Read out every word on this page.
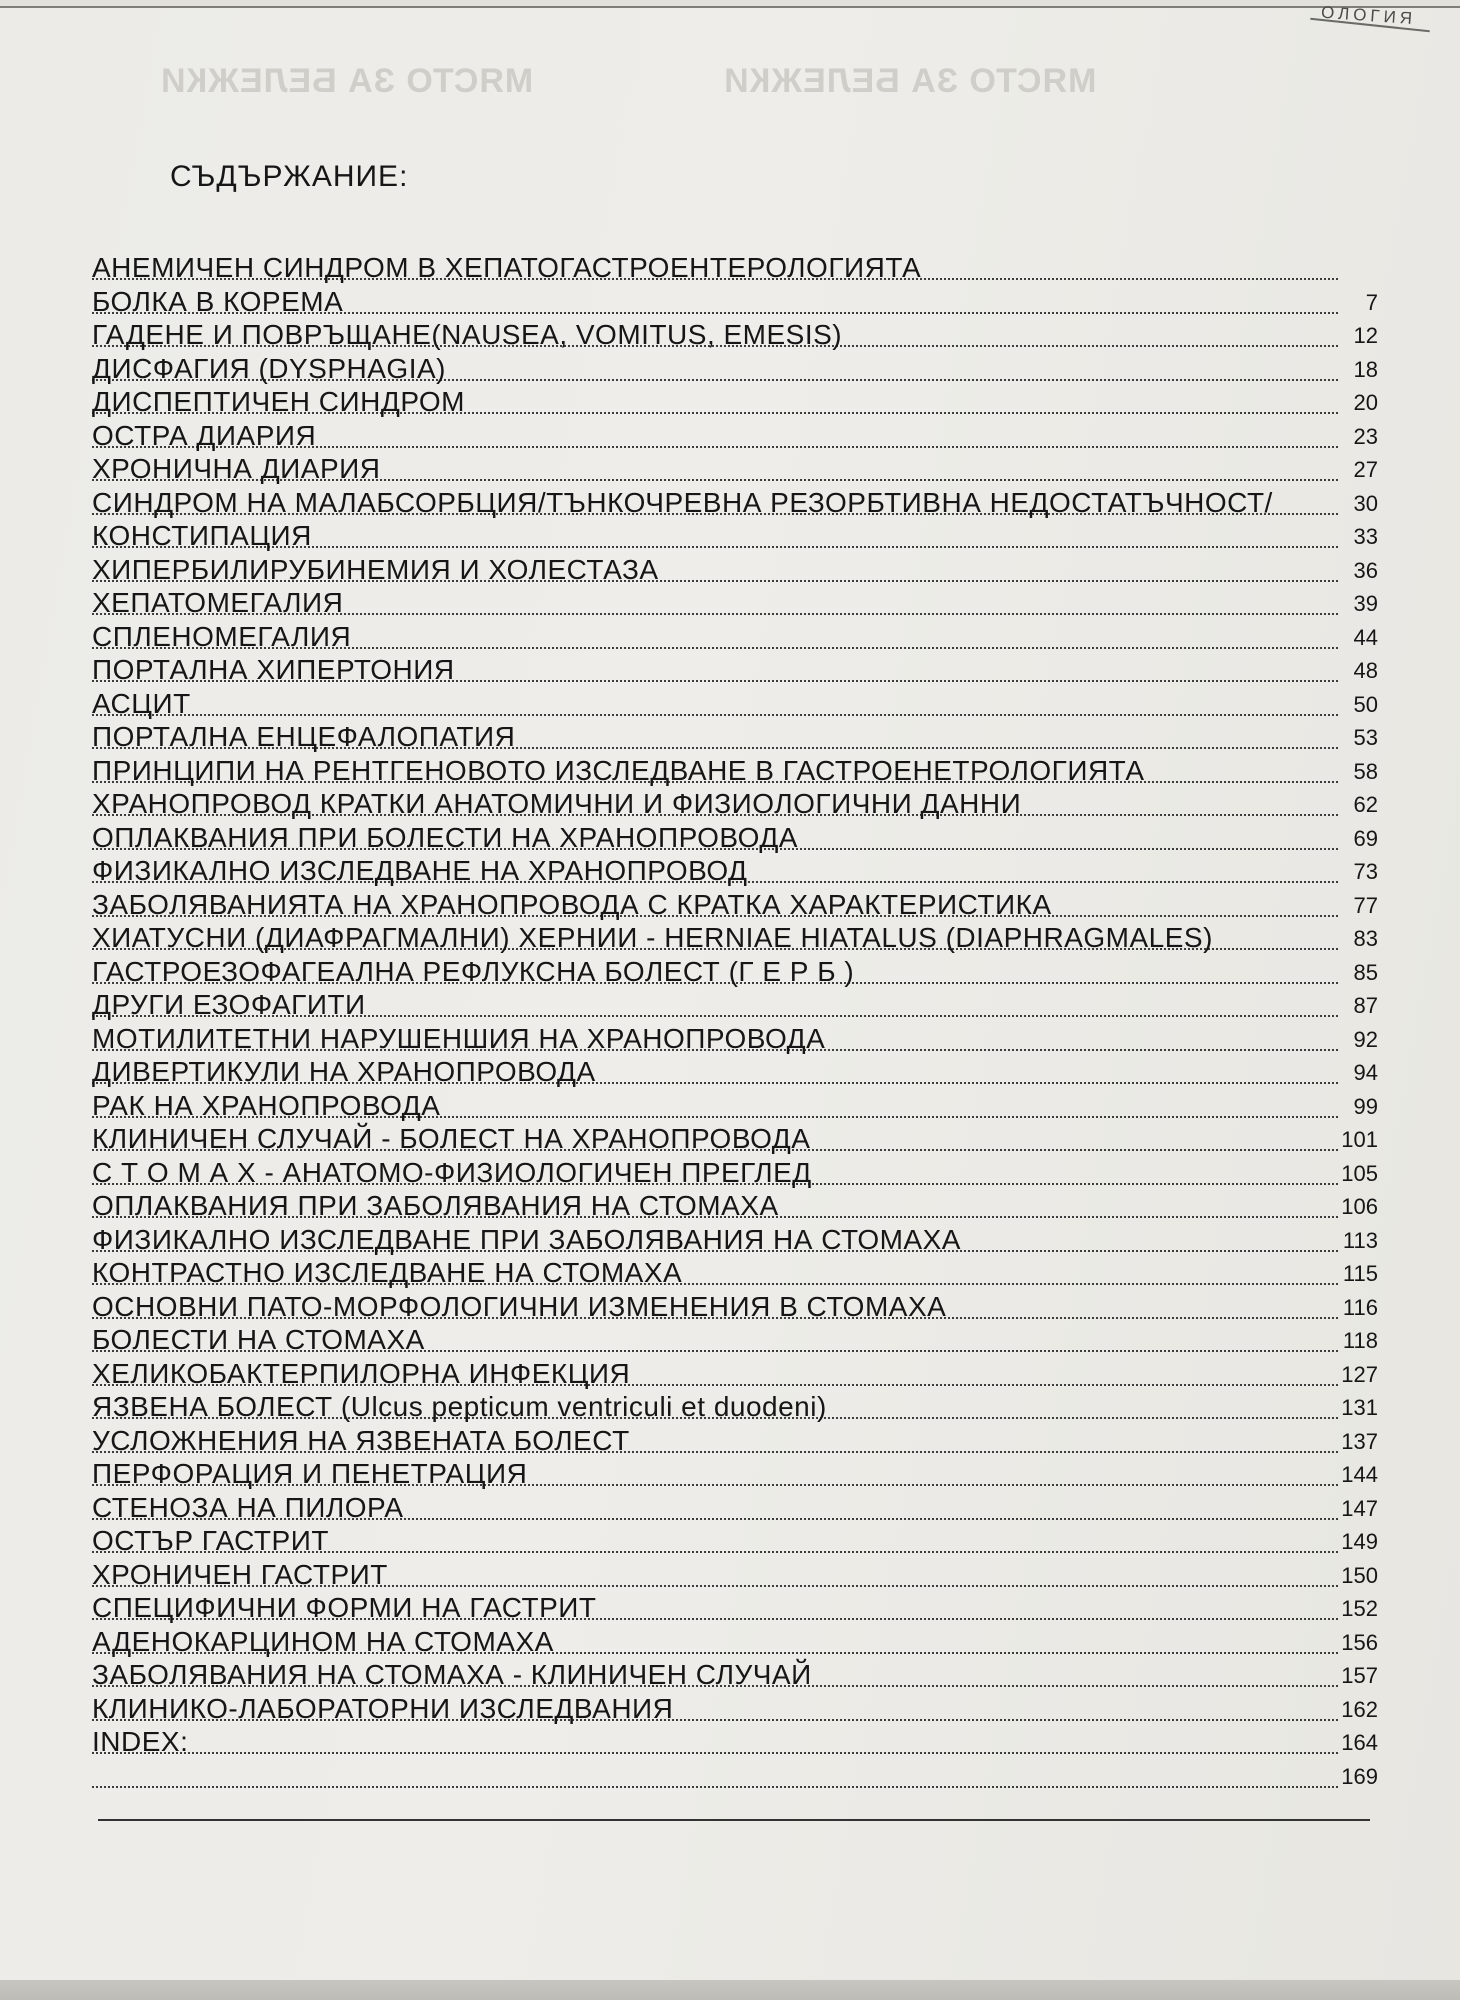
ОЛОГИЯ
МЯСТО ЗА БЕЛЕЖКИМЯСТО ЗА БЕЛЕЖКИ
СЪДЪРЖАНИЕ:
АНЕМИЧЕН СИНДРОМ В ХЕПАТОГАСТРОЕНТЕРОЛОГИЯТА
БОЛКА В КОРЕМА	7
ГАДЕНЕ И ПОВРЪЩАНЕ(NAUSEA, VOMITUS, EMESIS)	12
ДИСФАГИЯ (DYSPHAGIA)	18
ДИСПЕПТИЧЕН СИНДРОМ	20
ОСТРА ДИАРИЯ	23
ХРОНИЧНА ДИАРИЯ	27
СИНДРОМ НА МАЛАБСОРБЦИЯ/ТЪНКОЧРЕВНА РЕЗОРБТИВНА НЕДОСТАТЪЧНОСТ/	30
КОНСТИПАЦИЯ	33
ХИПЕРБИЛИРУБИНЕМИЯ И ХОЛЕСТАЗА	36
ХЕПАТОМЕГАЛИЯ	39
СПЛЕНОМЕГАЛИЯ	44
ПОРТАЛНА ХИПЕРТОНИЯ	48
АСЦИТ	50
ПОРТАЛНА ЕНЦЕФАЛОПАТИЯ	53
ПРИНЦИПИ НА РЕНТГЕНОВОТО ИЗСЛЕДВАНЕ В ГАСТРОЕНЕТРОЛОГИЯТА	58
ХРАНОПРОВОД КРАТКИ АНАТОМИЧНИ И ФИЗИОЛОГИЧНИ ДАННИ	62
ОПЛАКВАНИЯ ПРИ БОЛЕСТИ НА ХРАНОПРОВОДА	69
ФИЗИКАЛНО ИЗСЛЕДВАНЕ НА ХРАНОПРОВОД	73
ЗАБОЛЯВАНИЯТА НА ХРАНОПРОВОДА С КРАТКА ХАРАКТЕРИСТИКА	77
ХИАТУСНИ (ДИАФРАГМАЛНИ) ХЕРНИИ - HERNIAE HIATALUS (DIAPHRAGMALES)	83
ГАСТРОЕЗОФАГЕАЛНА РЕФЛУКСНА БОЛЕСТ (Г Е Р Б )	85
ДРУГИ ЕЗОФАГИТИ	87
МОТИЛИТЕТНИ НАРУШЕНШИЯ НА ХРАНОПРОВОДА	92
ДИВЕРТИКУЛИ НА ХРАНОПРОВОДА	94
РАК НА ХРАНОПРОВОДА	99
КЛИНИЧЕН СЛУЧАЙ - БОЛЕСТ НА ХРАНОПРОВОДА	101
С Т О М А Х - АНАТОМО-ФИЗИОЛОГИЧЕН ПРЕГЛЕД	105
ОПЛАКВАНИЯ ПРИ ЗАБОЛЯВАНИЯ НА СТОМАХА	106
ФИЗИКАЛНО ИЗСЛЕДВАНЕ ПРИ ЗАБОЛЯВАНИЯ НА СТОМАХА	113
КОНТРАСТНО ИЗСЛЕДВАНЕ НА СТОМАХА	115
ОСНОВНИ ПАТО-МОРФОЛОГИЧНИ ИЗМЕНЕНИЯ В СТОМАХА	116
БОЛЕСТИ НА СТОМАХА	118
ХЕЛИКОБАКТЕРПИЛОРНА ИНФЕКЦИЯ	127
ЯЗВЕНА БОЛЕСТ (Ulcus pepticum ventriculi et duodeni)	131
УСЛОЖНЕНИЯ НА ЯЗВЕНАТА БОЛЕСТ	137
ПЕРФОРАЦИЯ И ПЕНЕТРАЦИЯ	144
СТЕНОЗА НА ПИЛОРА	147
ОСТЪР ГАСТРИТ	149
ХРОНИЧЕН ГАСТРИТ	150
СПЕЦИФИЧНИ ФОРМИ НА ГАСТРИТ	152
АДЕНОКАРЦИНОМ НА СТОМАХА	156
ЗАБОЛЯВАНИЯ НА СТОМАХА - КЛИНИЧЕН СЛУЧАЙ	157
КЛИНИКО-ЛАБОРАТОРНИ ИЗСЛЕДВАНИЯ	162
INDEX:	164
169
